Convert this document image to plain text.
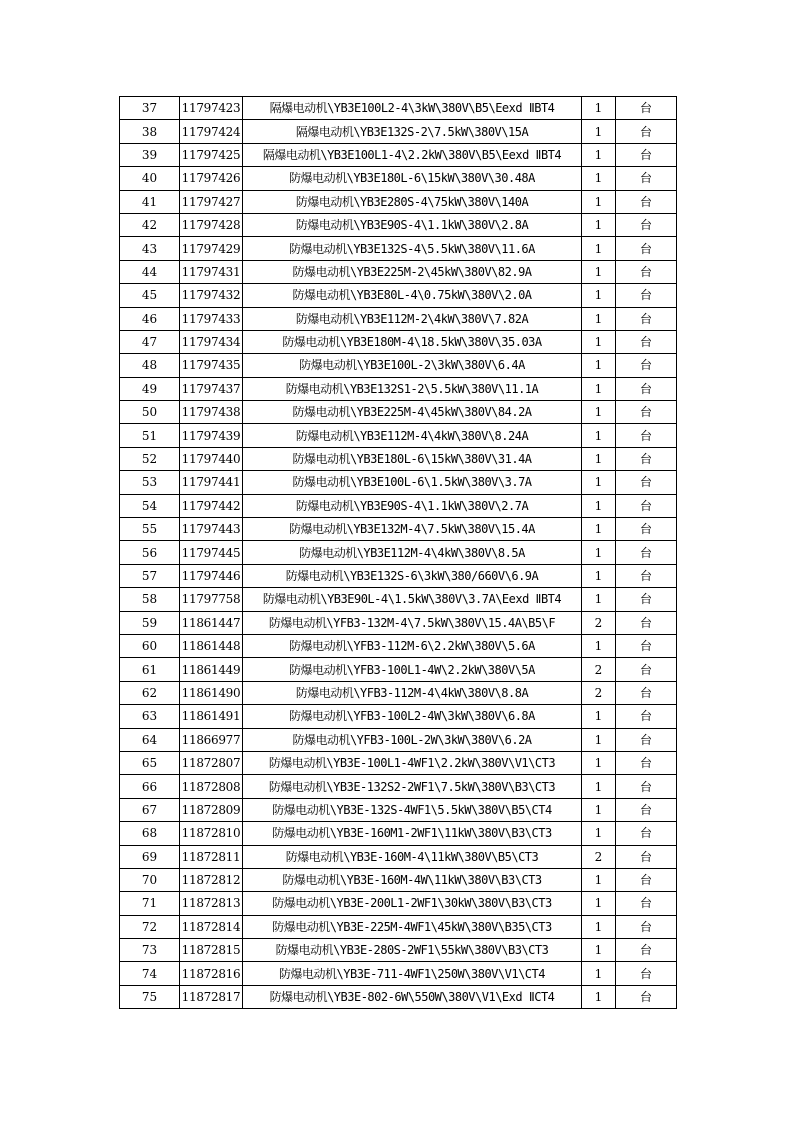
37	11797423	隔爆电动机\YB3E100L2-4\3kW\380V\B5\Eexd ⅡBT4	1	台
38	11797424	隔爆电动机\YB3E132S-2\7.5kW\380V\15A	1	台
39	11797425	隔爆电动机\YB3E100L1-4\2.2kW\380V\B5\Eexd ⅡBT4	1	台
40	11797426	防爆电动机\YB3E180L-6\15kW\380V\30.48A	1	台
41	11797427	防爆电动机\YB3E280S-4\75kW\380V\140A	1	台
42	11797428	防爆电动机\YB3E90S-4\1.1kW\380V\2.8A	1	台
43	11797429	防爆电动机\YB3E132S-4\5.5kW\380V\11.6A	1	台
44	11797431	防爆电动机\YB3E225M-2\45kW\380V\82.9A	1	台
45	11797432	防爆电动机\YB3E80L-4\0.75kW\380V\2.0A	1	台
46	11797433	防爆电动机\YB3E112M-2\4kW\380V\7.82A	1	台
47	11797434	防爆电动机\YB3E180M-4\18.5kW\380V\35.03A	1	台
48	11797435	防爆电动机\YB3E100L-2\3kW\380V\6.4A	1	台
49	11797437	防爆电动机\YB3E132S1-2\5.5kW\380V\11.1A	1	台
50	11797438	防爆电动机\YB3E225M-4\45kW\380V\84.2A	1	台
51	11797439	防爆电动机\YB3E112M-4\4kW\380V\8.24A	1	台
52	11797440	防爆电动机\YB3E180L-6\15kW\380V\31.4A	1	台
53	11797441	防爆电动机\YB3E100L-6\1.5kW\380V\3.7A	1	台
54	11797442	防爆电动机\YB3E90S-4\1.1kW\380V\2.7A	1	台
55	11797443	防爆电动机\YB3E132M-4\7.5kW\380V\15.4A	1	台
56	11797445	防爆电动机\YB3E112M-4\4kW\380V\8.5A	1	台
57	11797446	防爆电动机\YB3E132S-6\3kW\380/660V\6.9A	1	台
58	11797758	防爆电动机\YB3E90L-4\1.5kW\380V\3.7A\Eexd ⅡBT4	1	台
59	11861447	防爆电动机\YFB3-132M-4\7.5kW\380V\15.4A\B5\F	2	台
60	11861448	防爆电动机\YFB3-112M-6\2.2kW\380V\5.6A	1	台
61	11861449	防爆电动机\YFB3-100L1-4W\2.2kW\380V\5A	2	台
62	11861490	防爆电动机\YFB3-112M-4\4kW\380V\8.8A	2	台
63	11861491	防爆电动机\YFB3-100L2-4W\3kW\380V\6.8A	1	台
64	11866977	防爆电动机\YFB3-100L-2W\3kW\380V\6.2A	1	台
65	11872807	防爆电动机\YB3E-100L1-4WF1\2.2kW\380V\V1\CT3	1	台
66	11872808	防爆电动机\YB3E-132S2-2WF1\7.5kW\380V\B3\CT3	1	台
67	11872809	防爆电动机\YB3E-132S-4WF1\5.5kW\380V\B5\CT4	1	台
68	11872810	防爆电动机\YB3E-160M1-2WF1\11kW\380V\B3\CT3	1	台
69	11872811	防爆电动机\YB3E-160M-4\11kW\380V\B5\CT3	2	台
70	11872812	防爆电动机\YB3E-160M-4W\11kW\380V\B3\CT3	1	台
71	11872813	防爆电动机\YB3E-200L1-2WF1\30kW\380V\B3\CT3	1	台
72	11872814	防爆电动机\YB3E-225M-4WF1\45kW\380V\B35\CT3	1	台
73	11872815	防爆电动机\YB3E-280S-2WF1\55kW\380V\B3\CT3	1	台
74	11872816	防爆电动机\YB3E-711-4WF1\250W\380V\V1\CT4	1	台
75	11872817	防爆电动机\YB3E-802-6W\550W\380V\V1\Exd ⅡCT4	1	台
